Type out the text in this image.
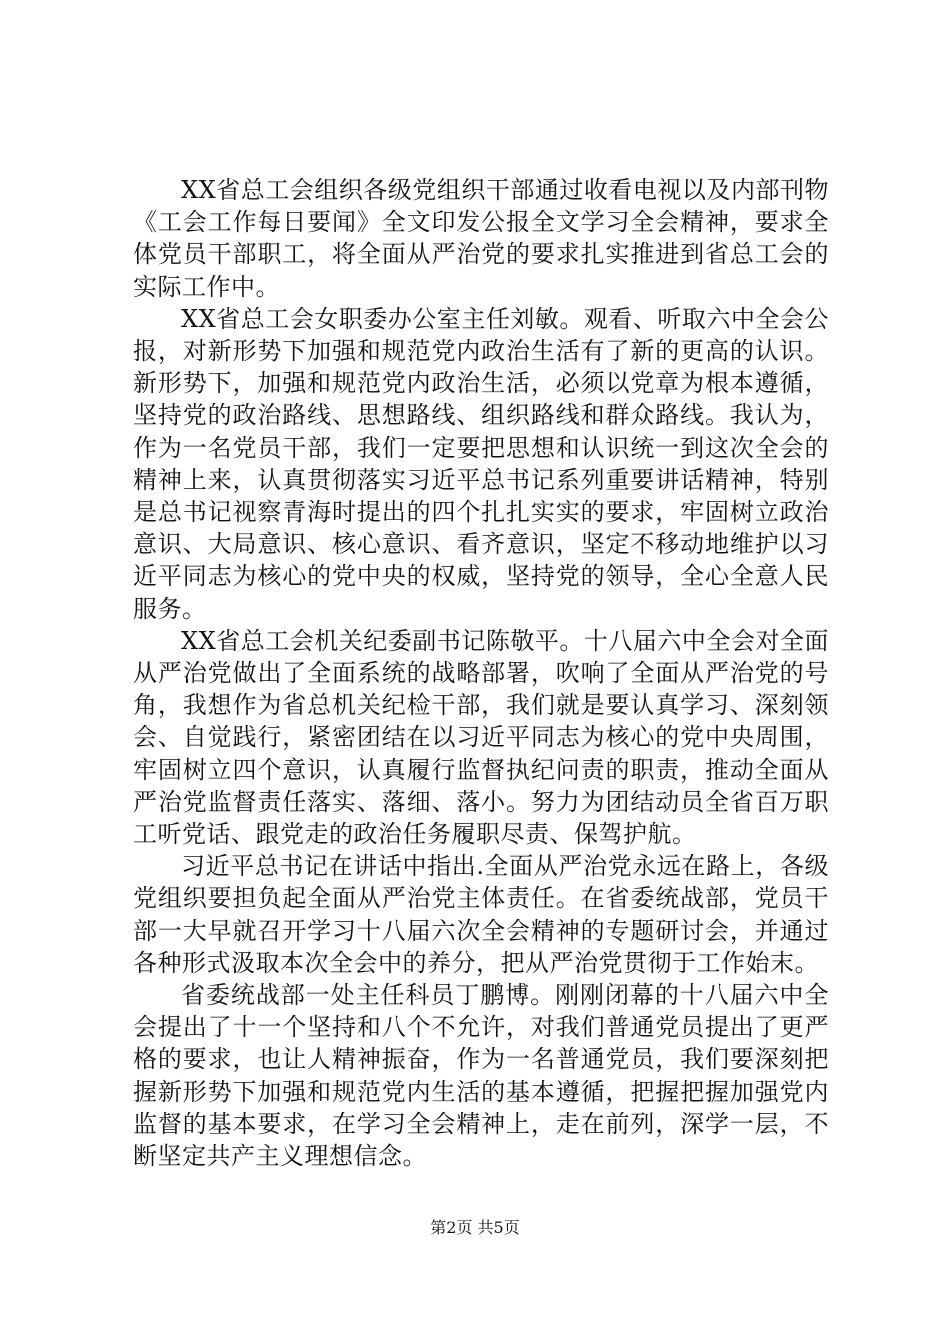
XX省总工会组织各级党组织干部通过收看电视以及内部刊物《工会工作每日要闻》全文印发公报全文学习全会精神，要求全体党员干部职工，将全面从严治党的要求扎实推进到省总工会的实际工作中。

XX省总工会女职委办公室主任刘敏。观看、听取六中全会公报，对新形势下加强和规范党内政治生活有了新的更高的认识。新形势下，加强和规范党内政治生活，必须以党章为根本遵循，坚持党的政治路线、思想路线、组织路线和群众路线。我认为，作为一名党员干部，我们一定要把思想和认识统一到这次全会的精神上来，认真贯彻落实习近平总书记系列重要讲话精神，特别是总书记视察青海时提出的四个扎扎实实的要求，牢固树立政治意识、大局意识、核心意识、看齐意识，坚定不移动地维护以习近平同志为核心的党中央的权威，坚持党的领导，全心全意人民服务。

XX省总工会机关纪委副书记陈敬平。十八届六中全会对全面从严治党做出了全面系统的战略部署，吹响了全面从严治党的号角，我想作为省总机关纪检干部，我们就是要认真学习、深刻领会、自觉践行，紧密团结在以习近平同志为核心的党中央周围，牢固树立四个意识，认真履行监督执纪问责的职责，推动全面从严治党监督责任落实、落细、落小。努力为团结动员全省百万职工听党话、跟党走的政治任务履职尽责、保驾护航。

习近平总书记在讲话中指出.全面从严治党永远在路上，各级党组织要担负起全面从严治党主体责任。在省委统战部，党员干部一大早就召开学习十八届六次全会精神的专题研讨会，并通过各种形式汲取本次全会中的养分，把从严治党贯彻于工作始末。

省委统战部一处主任科员丁鹏博。刚刚闭幕的十八届六中全会提出了十一个坚持和八个不允许，对我们普通党员提出了更严格的要求，也让人精神振奋，作为一名普通党员，我们要深刻把握新形势下加强和规范党内生活的基本遵循，把握把握加强党内监督的基本要求，在学习全会精神上，走在前列，深学一层，不断坚定共产主义理想信念。

第2页 共5页
